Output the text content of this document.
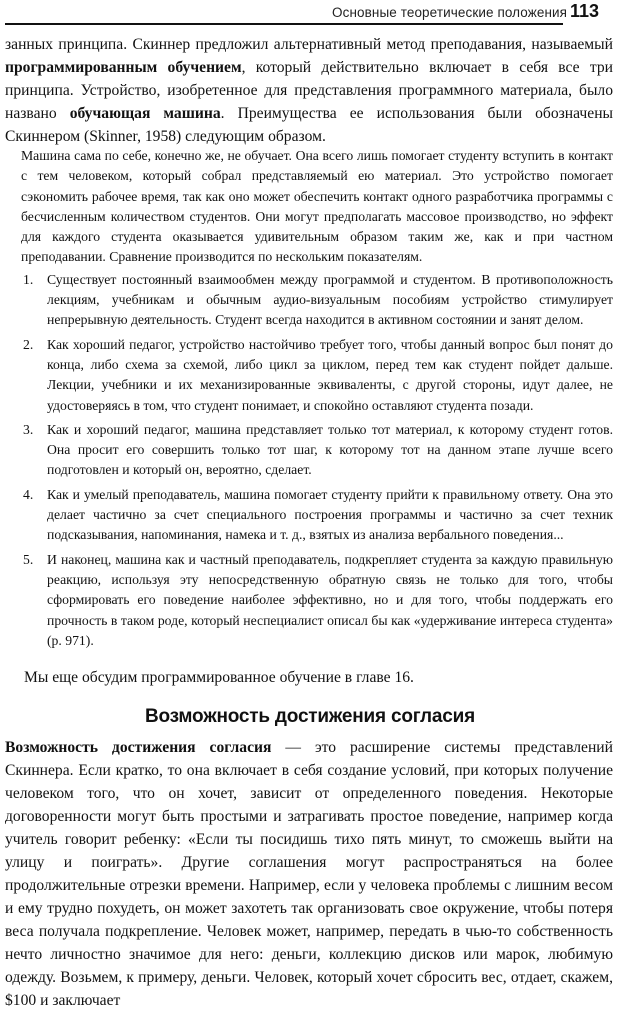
Основные теоретические положения 113

занных принципа. Скиннер предложил альтернативный метод преподавания, называемый программированным обучением, который действительно включает в себя все три принципа. Устройство, изобретенное для представления программного материала, было названо обучающая машина. Преимущества ее использования были обозначены Скиннером (Skinner, 1958) следующим образом.

Машина сама по себе, конечно же, не обучает. Она всего лишь помогает студенту вступить в контакт с тем человеком, который собрал представляемый ею материал. Это устройство помогает сэкономить рабочее время, так как оно может обеспечить контакт одного разработчика программы с бесчисленным количеством студентов. Они могут предполагать массовое производство, но эффект для каждого студента оказывается удивительным образом таким же, как и при частном преподавании. Сравнение производится по нескольким показателям.

1. Существует постоянный взаимообмен между программой и студентом. В противоположность лекциям, учебникам и обычным аудио-визуальным пособиям устройство стимулирует непрерывную деятельность. Студент всегда находится в активном состоянии и занят делом.
2. Как хороший педагог, устройство настойчиво требует того, чтобы данный вопрос был понят до конца, либо схема за схемой, либо цикл за циклом, перед тем как студент пойдет дальше. Лекции, учебники и их механизированные эквиваленты, с другой стороны, идут далее, не удостоверяясь в том, что студент понимает, и спокойно оставляют студента позади.
3. Как и хороший педагог, машина представляет только тот материал, к которому студент готов. Она просит его совершить только тот шаг, к которому тот на данном этапе лучше всего подготовлен и который он, вероятно, сделает.
4. Как и умелый преподаватель, машина помогает студенту прийти к правильному ответу. Она это делает частично за счет специального построения программы и частично за счет техник подсказывания, напоминания, намека и т. д., взятых из анализа вербального поведения...
5. И наконец, машина как и частный преподаватель, подкрепляет студента за каждую правильную реакцию, используя эту непосредственную обратную связь не только для того, чтобы сформировать его поведение наиболее эффективно, но и для того, чтобы поддержать его прочность в таком роде, который неспециалист описал бы как «удерживание интереса студента» (р. 971).

Мы еще обсудим программированное обучение в главе 16.

Возможность достижения согласия

Возможность достижения согласия — это расширение системы представлений Скиннера. Если кратко, то она включает в себя создание условий, при которых получение человеком того, что он хочет, зависит от определенного поведения. Некоторые договоренности могут быть простыми и затрагивать простое поведение, например когда учитель говорит ребенку: «Если ты посидишь тихо пять минут, то сможешь выйти на улицу и поиграть». Другие соглашения могут распространяться на более продолжительные отрезки времени. Например, если у человека проблемы с лишним весом и ему трудно похудеть, он может захотеть так организовать свое окружение, чтобы потеря веса получала подкрепление. Человек может, например, передать в чью-то собственность нечто личностно значимое для него: деньги, коллекцию дисков или марок, любимую одежду. Возьмем, к примеру, деньги. Человек, который хочет сбросить вес, отдает, скажем, $100 и заключает
